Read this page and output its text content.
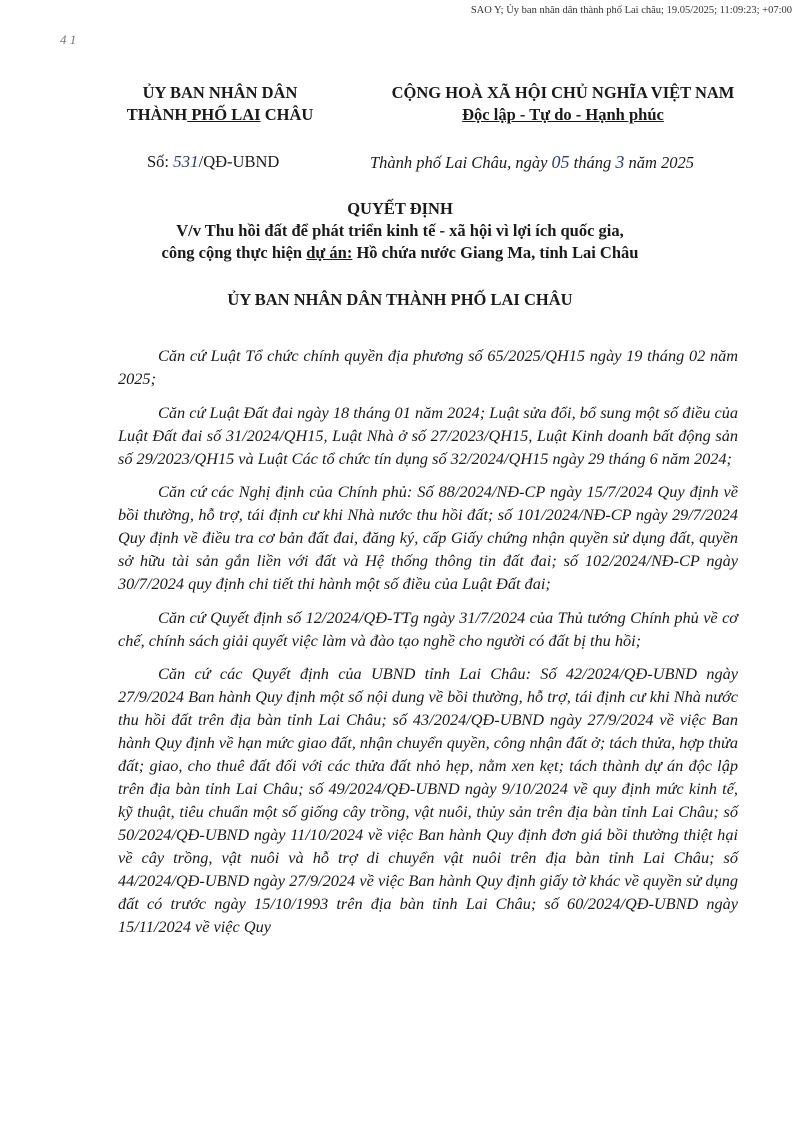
SAO Y; Ủy ban nhân dân thành phố Lai châu; 19.05/2025; 11:09:23; +07:00
4 1
ỦY BAN NHÂN DÂN
THÀNH PHỐ LAI CHÂU
CỘNG HOÀ XÃ HỘI CHỦ NGHĨA VIỆT NAM
Độc lập - Tự do - Hạnh phúc
Số: 531/QĐ-UBND	Thành phố Lai Châu, ngày 05 tháng 3 năm 2025
QUYẾT ĐỊNH
V/v Thu hồi đất để phát triển kinh tế - xã hội vì lợi ích quốc gia,
công cộng thực hiện dự án: Hồ chứa nước Giang Ma, tỉnh Lai Châu
ỦY BAN NHÂN DÂN THÀNH PHỐ LAI CHÂU

Căn cứ Luật Tổ chức chính quyền địa phương số 65/2025/QH15 ngày 19 tháng 02 năm 2025;

Căn cứ Luật Đất đai ngày 18 tháng 01 năm 2024; Luật sửa đổi, bổ sung một số điều của Luật Đất đai số 31/2024/QH15, Luật Nhà ở số 27/2023/QH15, Luật Kinh doanh bất động sản số 29/2023/QH15 và Luật Các tổ chức tín dụng số 32/2024/QH15 ngày 29 tháng 6 năm 2024;

Căn cứ các Nghị định của Chính phủ: Số 88/2024/NĐ-CP ngày 15/7/2024 Quy định về bồi thường, hỗ trợ, tái định cư khi Nhà nước thu hồi đất; số 101/2024/NĐ-CP ngày 29/7/2024 Quy định về điều tra cơ bản đất đai, đăng ký, cấp Giấy chứng nhận quyền sử dụng đất, quyền sở hữu tài sản gắn liền với đất và Hệ thống thông tin đất đai; số 102/2024/NĐ-CP ngày 30/7/2024 quy định chi tiết thi hành một số điều của Luật Đất đai;

Căn cứ Quyết định số 12/2024/QĐ-TTg ngày 31/7/2024 của Thủ tướng Chính phủ về cơ chế, chính sách giải quyết việc làm và đào tạo nghề cho người có đất bị thu hồi;

Căn cứ các Quyết định của UBND tỉnh Lai Châu: Số 42/2024/QĐ-UBND ngày 27/9/2024 Ban hành Quy định một số nội dung về bồi thường, hỗ trợ, tái định cư khi Nhà nước thu hồi đất trên địa bàn tỉnh Lai Châu; số 43/2024/QĐ-UBND ngày 27/9/2024 về việc Ban hành Quy định về hạn mức giao đất, nhận chuyển quyền, công nhận đất ở; tách thửa, hợp thửa đất; giao, cho thuê đất đối với các thửa đất nhỏ hẹp, nằm xen kẹt; tách thành dự án độc lập trên địa bàn tỉnh Lai Châu; số 49/2024/QĐ-UBND ngày 9/10/2024 về quy định mức kinh tế, kỹ thuật, tiêu chuẩn một số giống cây trồng, vật nuôi, thủy sản trên địa bàn tỉnh Lai Châu; số 50/2024/QĐ-UBND ngày 11/10/2024 về việc Ban hành Quy định đơn giá bồi thường thiệt hại về cây trồng, vật nuôi và hỗ trợ di chuyển vật nuôi trên địa bàn tỉnh Lai Châu; số 44/2024/QĐ-UBND ngày 27/9/2024 về việc Ban hành Quy định giấy tờ khác về quyền sử dụng đất có trước ngày 15/10/1993 trên địa bàn tỉnh Lai Châu; số 60/2024/QĐ-UBND ngày 15/11/2024 về việc Quy
